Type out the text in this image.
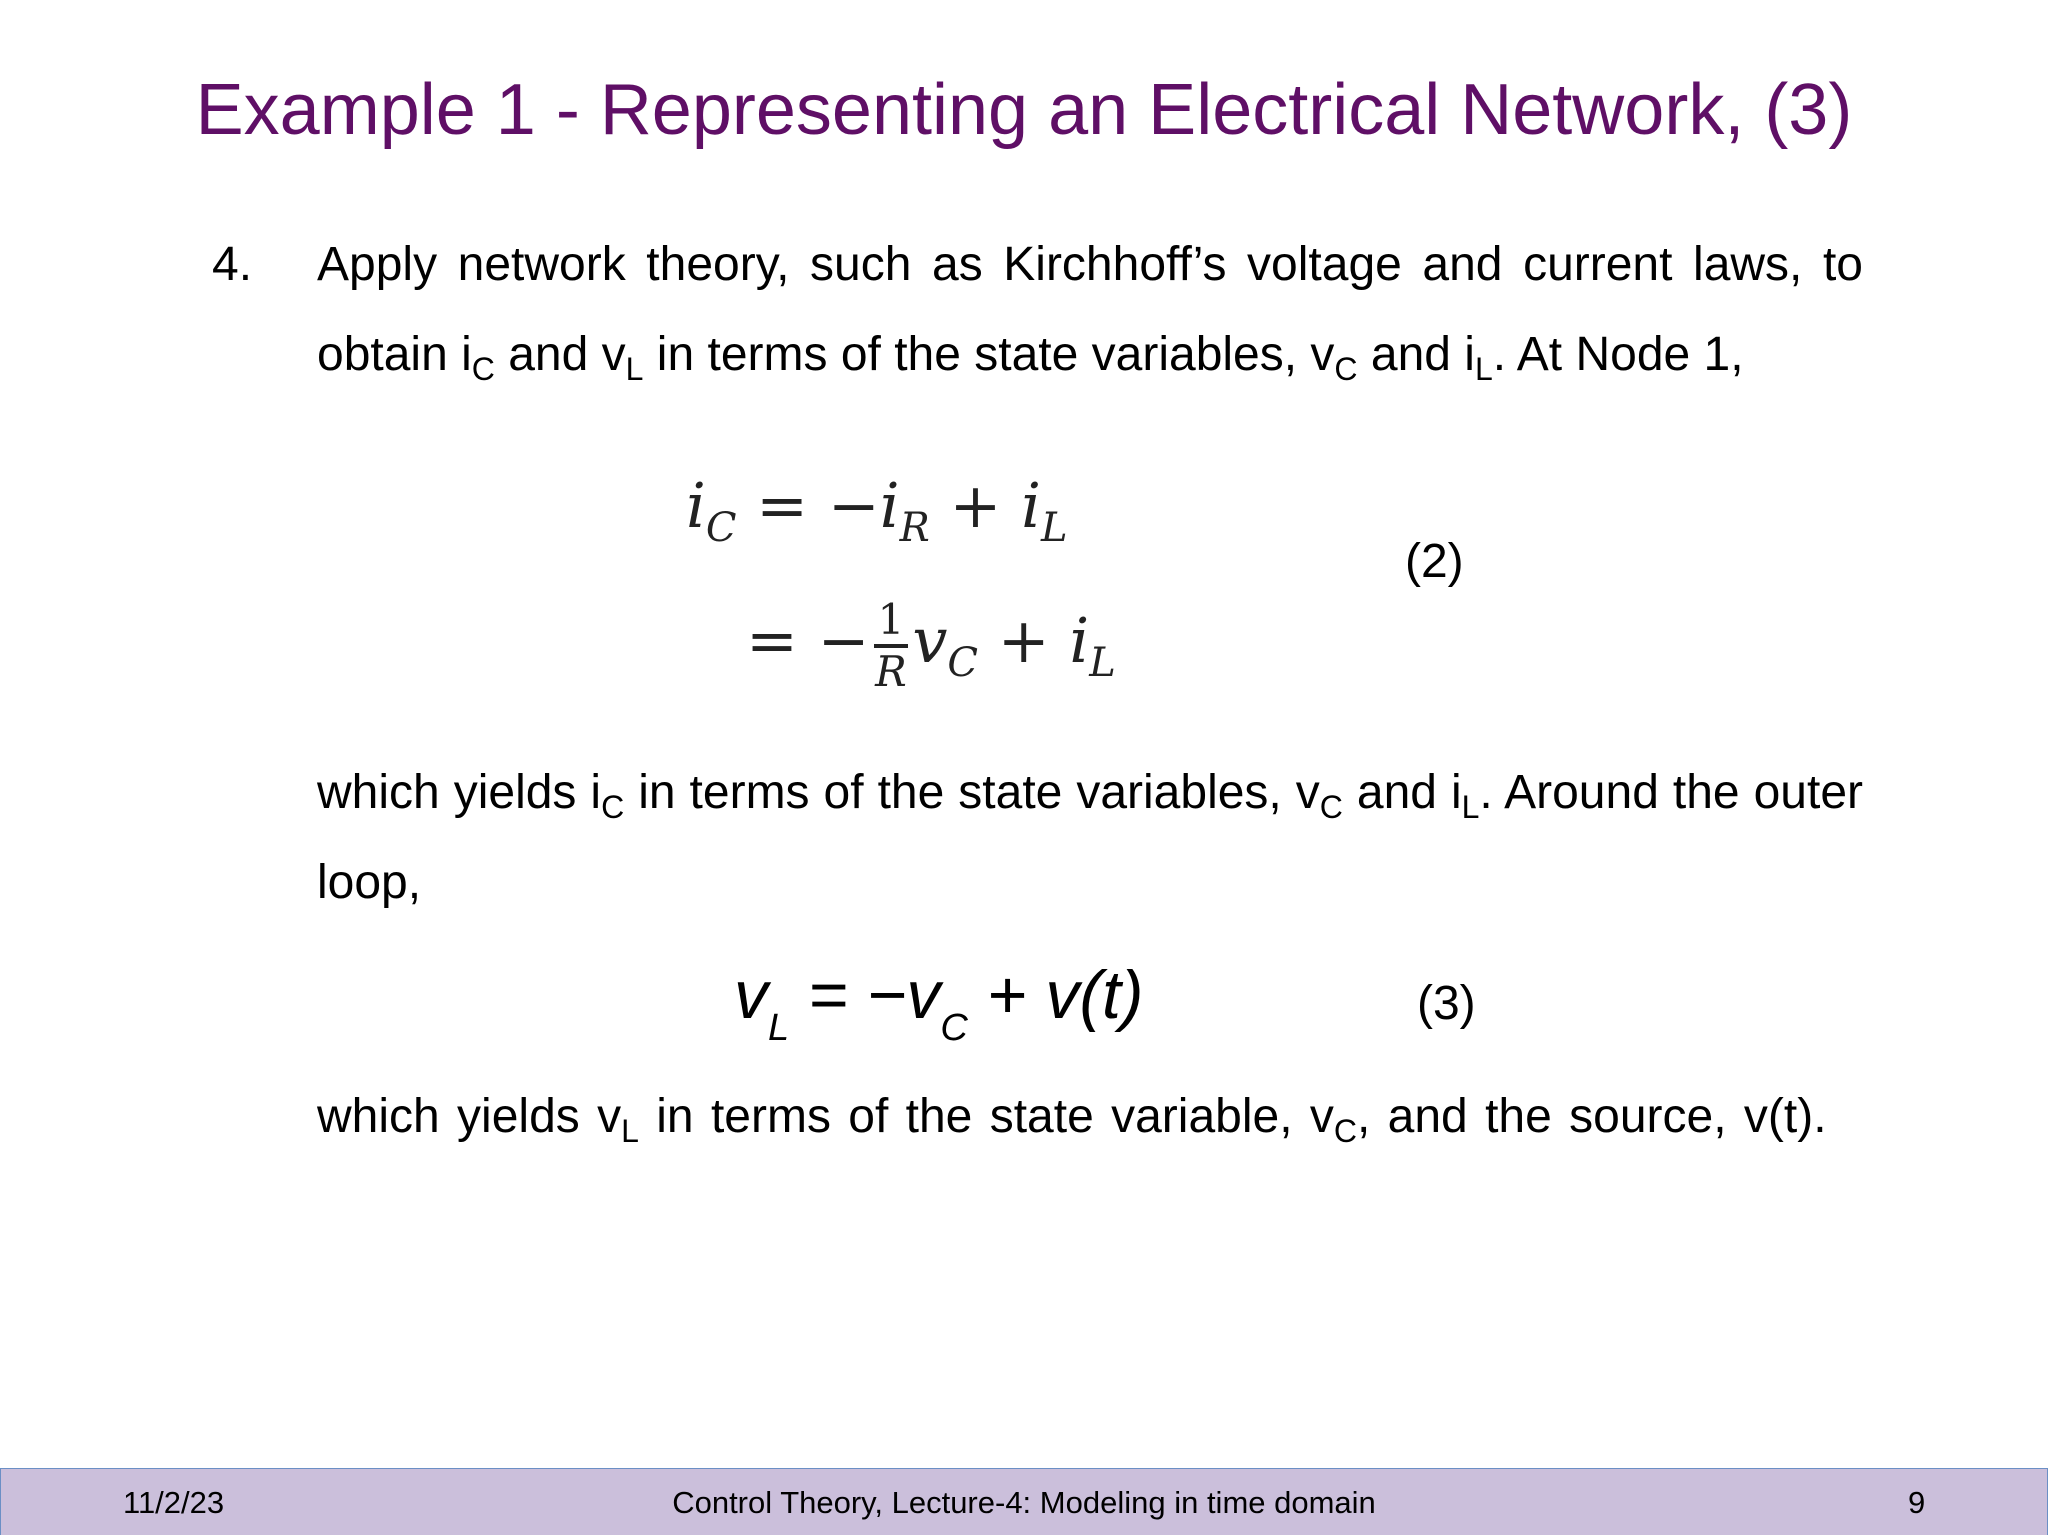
Example 1 - Representing an Electrical Network, (3)
4. Apply network theory, such as Kirchhoff’s voltage and current laws, to obtain $i_C$ and $v_L$ in terms of the state variables, $v_C$ and $i_L$. At Node 1,

$i_C = -i_R + i_L$
= − $\frac{1}{R} v_C + i_L$
(2)

which yields $i_C$ in terms of the state variables, $v_C$ and $i_L$. Around the outer loop,

$v_L = -v_C + v(t)$	(3)

which yields $v_L$ in terms of the state variable, $v_C$, and the source, v(t).

Control Theory, Lecture-4: Modeling in time domain
11/2/23	9
